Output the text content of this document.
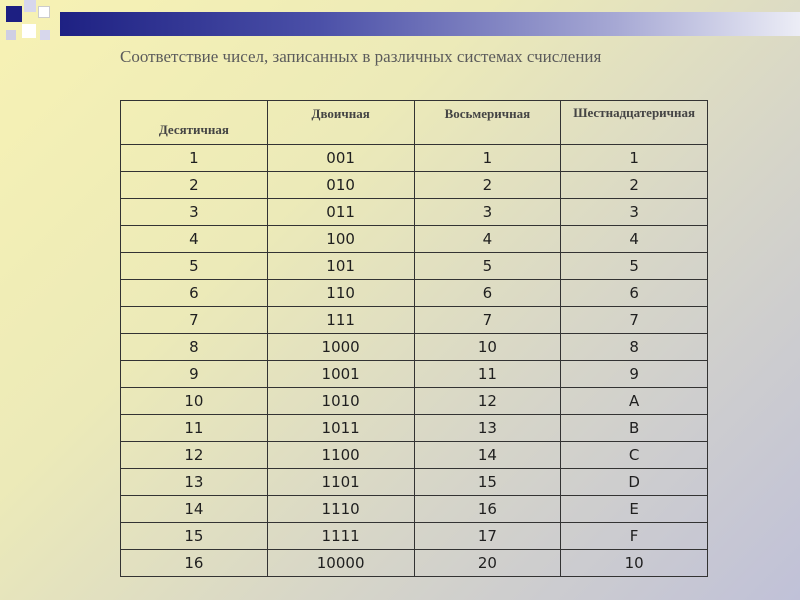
Соответствие чисел, записанных в различных системах счисления
Десятичная	Двоичная	Восьмеричная	Шестнадцатеричная
1	001	1	1
2	010	2	2
3	011	3	3
4	100	4	4
5	101	5	5
6	110	6	6
7	111	7	7
8	1000	10	8
9	1001	11	9
10	1010	12	A
11	1011	13	B
12	1100	14	C
13	1101	15	D
14	1110	16	E
15	1111	17	F
16	10000	20	10
